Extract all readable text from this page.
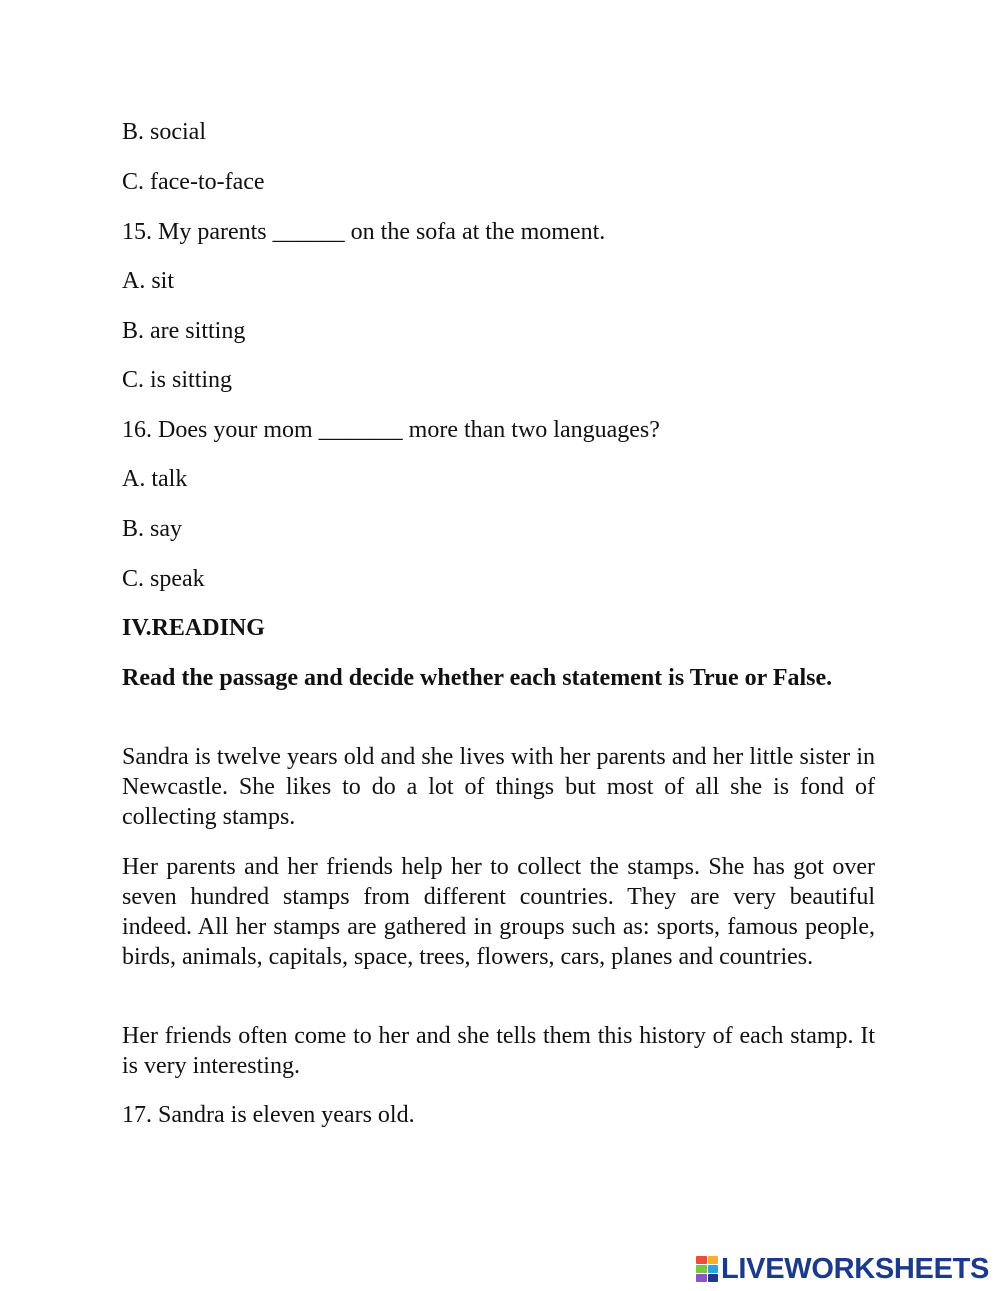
B. social

C. face-to-face

15. My parents ______ on the sofa at the moment.

A. sit

B. are sitting

C. is sitting

16. Does your mom _______ more than two languages?

A. talk

B. say

C. speak

IV.READING

Read the passage and decide whether each statement is True or False.

Sandra is twelve years old and she lives with her parents and her little sister in Newcastle. She likes to do a lot of things but most of all she is fond of collecting stamps.

Her parents and her friends help her to collect the stamps. She has got over seven hundred stamps from different countries. They are very beautiful indeed. All her stamps are gathered in groups such as: sports, famous people, birds, animals, capitals, space, trees, flowers, cars, planes and countries.

Her friends often come to her and she tells them this history of each stamp. It is very interesting.

17. Sandra is eleven years old.

LIVEWORKSHEETS
